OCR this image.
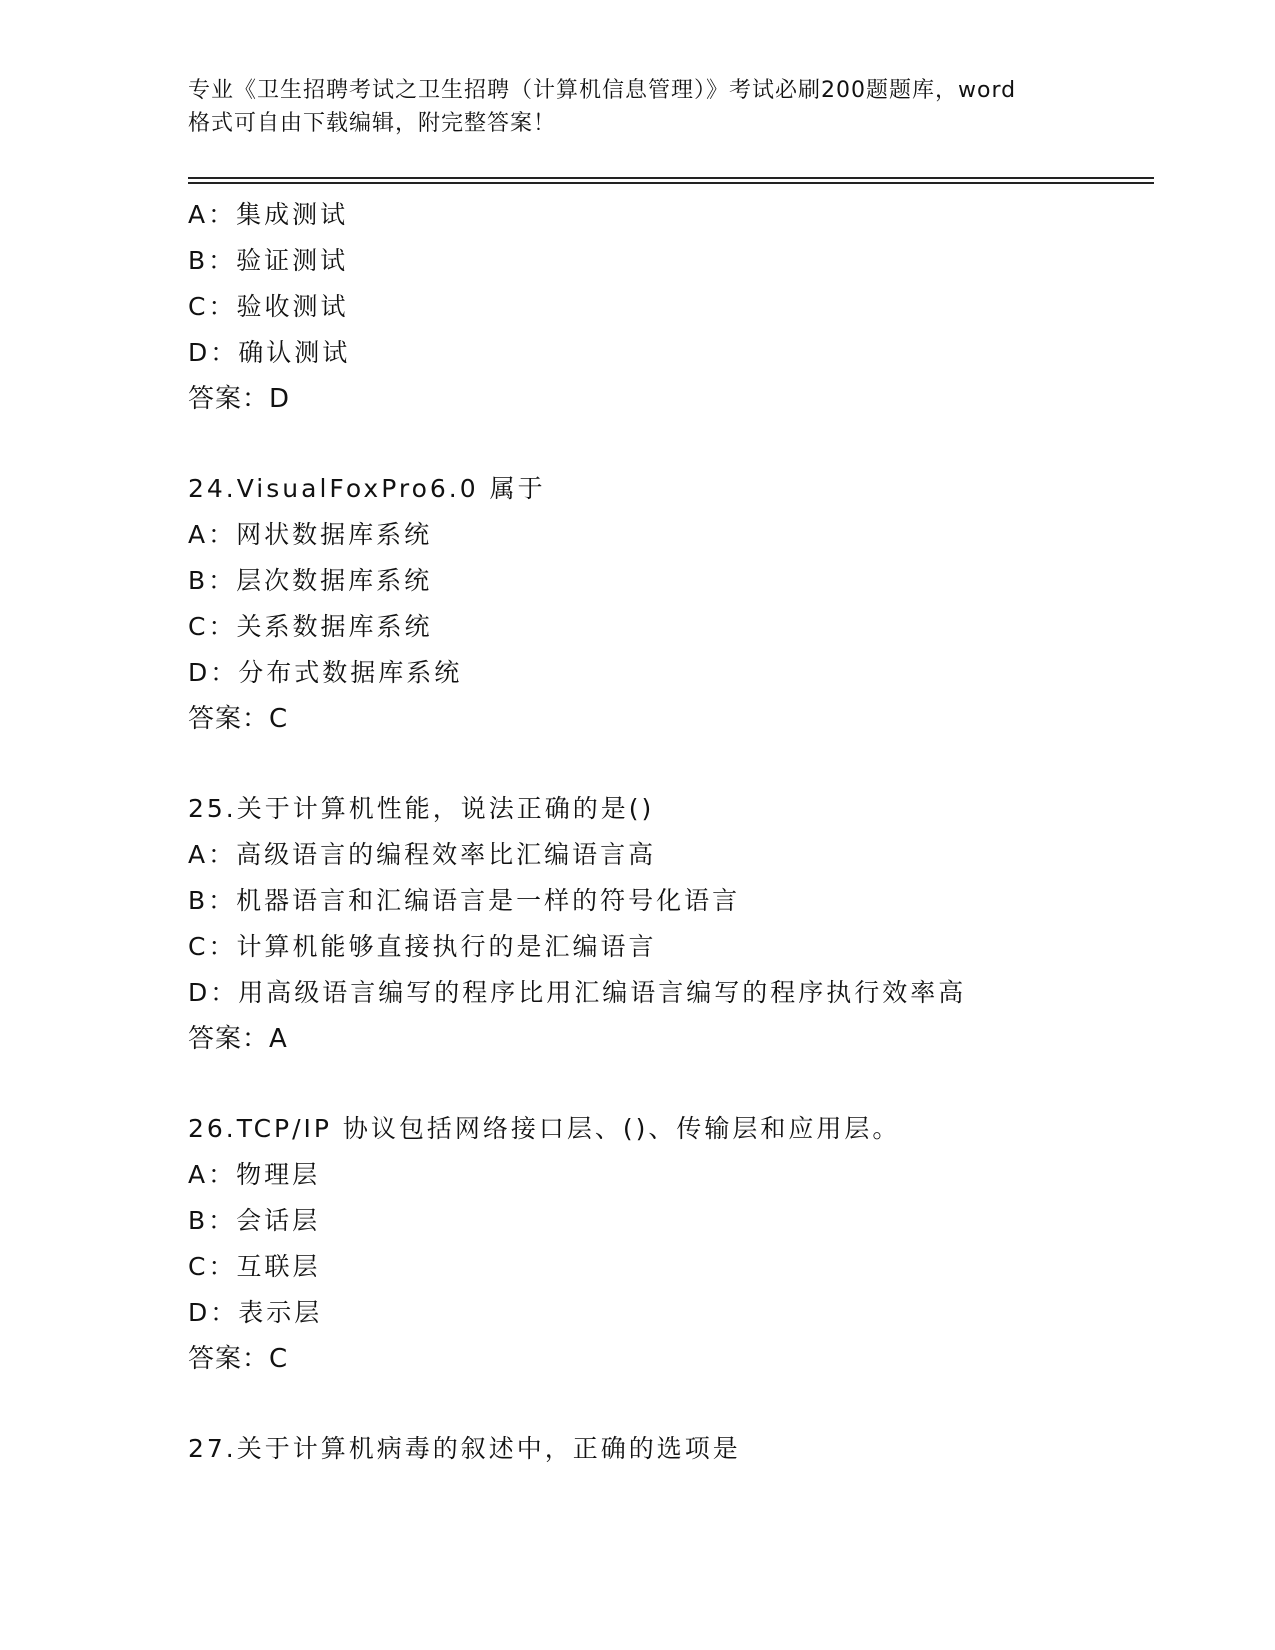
专业《卫生招聘考试之卫生招聘（计算机信息管理）》考试必刷200题题库，word
格式可自由下载编辑，附完整答案！
A：集成测试
B：验证测试
C：验收测试
D：确认测试
答案：D
24.VisualFoxPro6.0 属于
A：网状数据库系统
B：层次数据库系统
C：关系数据库系统
D：分布式数据库系统
答案：C
25.关于计算机性能，说法正确的是()
A：高级语言的编程效率比汇编语言高
B：机器语言和汇编语言是一样的符号化语言
C：计算机能够直接执行的是汇编语言
D：用高级语言编写的程序比用汇编语言编写的程序执行效率高
答案：A
26.TCP/IP 协议包括网络接口层、()、传输层和应用层。
A：物理层
B：会话层
C：互联层
D：表示层
答案：C
27.关于计算机病毒的叙述中，正确的选项是
